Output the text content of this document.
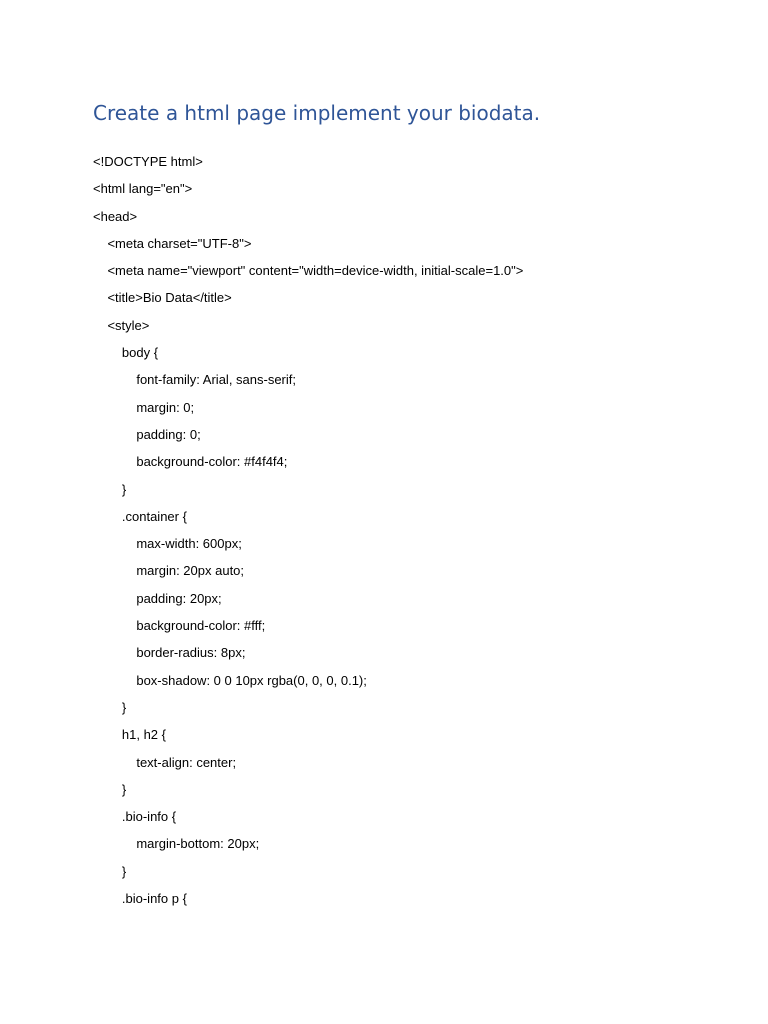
Create a html page implement your biodata.
<!DOCTYPE html>
<html lang="en">
<head>
<meta charset="UTF-8">
<meta name="viewport" content="width=device-width, initial-scale=1.0">
<title>Bio Data</title>
<style>
body {
font-family: Arial, sans-serif;
margin: 0;
padding: 0;
background-color: #f4f4f4;
}
.container {
max-width: 600px;
margin: 20px auto;
padding: 20px;
background-color: #fff;
border-radius: 8px;
box-shadow: 0 0 10px rgba(0, 0, 0, 0.1);
}
h1, h2 {
text-align: center;
}
.bio-info {
margin-bottom: 20px;
}
.bio-info p {
